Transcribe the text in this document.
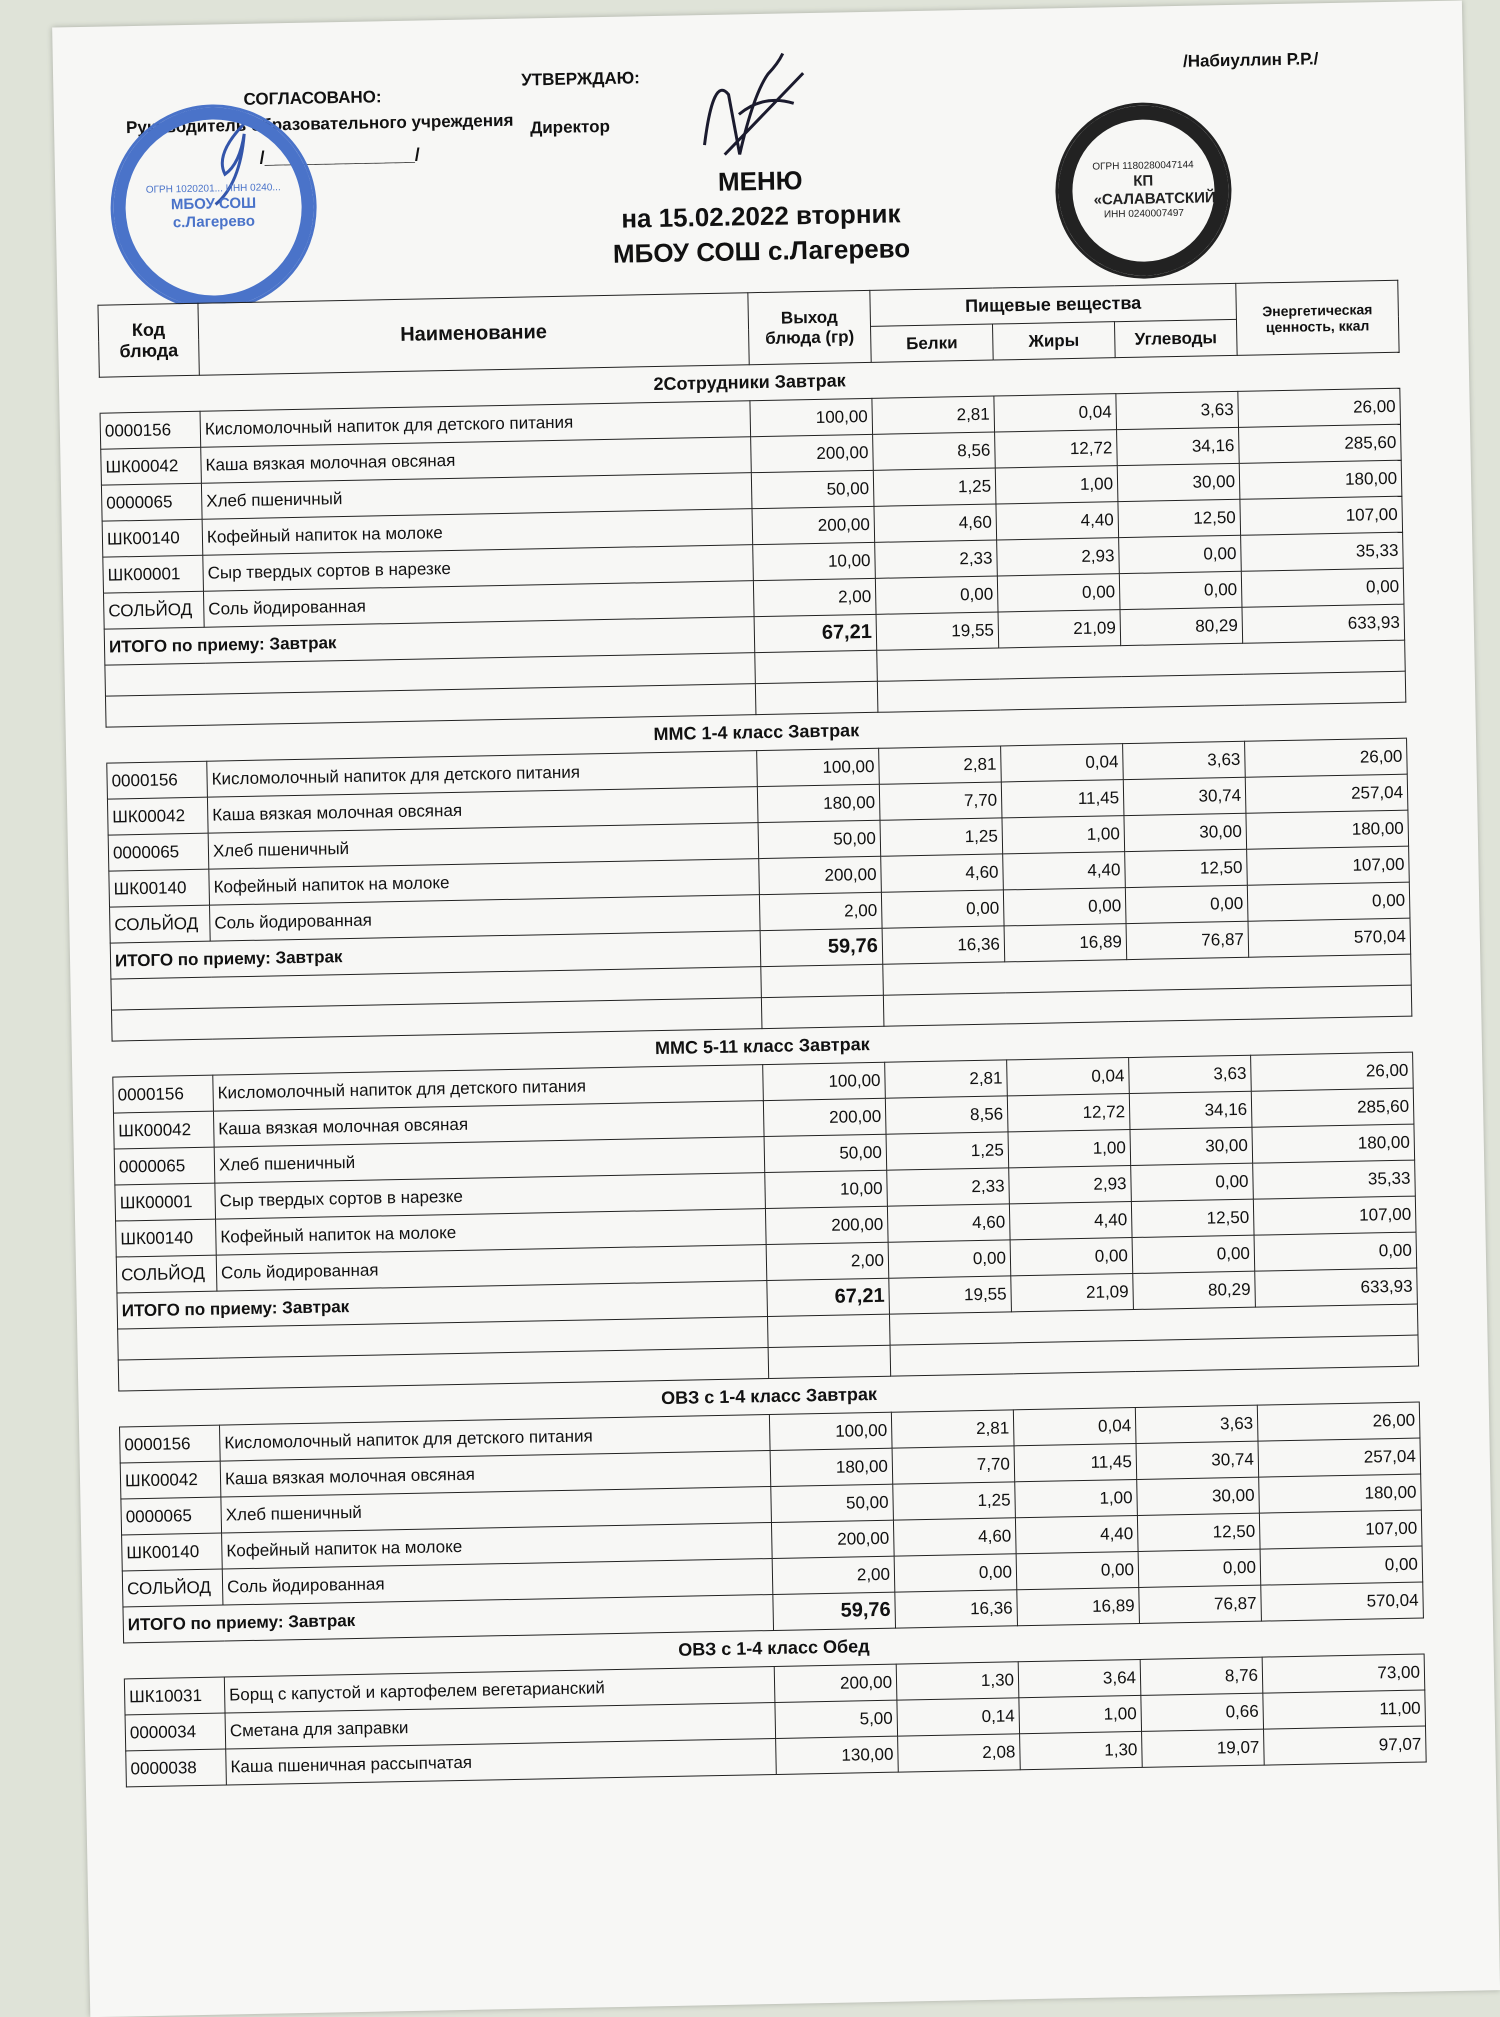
СОГЛАСОВАНО:
Руководитель образовательного учреждения
/_______________/
УТВЕРЖДАЮ:
Директор
/Набиуллин Р.Р./
ОГРН 1020201... ИНН 0240...
МБОУ СОШ с.Лагерево
ОГРН 1180280047144
КП «САЛАВАТСКИЙ»
ИНН 0240007497
МЕНЮ
на 15.02.2022 вторник
МБОУ СОШ с.Лагерево
Код блюда	Наименование	Выход блюда (гр)	Пищевые вещества			Энергетическая ценность, ккал
			Белки	Жиры	Углеводы	
2Сотрудники Завтрак						
0000156	Кисломолочный напиток для детского питания	100,00	2,81	0,04	3,63	26,00
ШК00042	Каша вязкая молочная овсяная	200,00	8,56	12,72	34,16	285,60
0000065	Хлеб пшеничный	50,00	1,25	1,00	30,00	180,00
ШК00140	Кофейный напиток на молоке	200,00	4,60	4,40	12,50	107,00
ШК00001	Сыр твердых сортов в нарезке	10,00	2,33	2,93	0,00	35,33
СОЛЬЙОД	Соль йодированная	2,00	0,00	0,00	0,00	0,00
ИТОГО по приему: Завтрак		67,21	19,55	21,09	80,29	633,93

ММС 1-4 класс Завтрак						
0000156	Кисломолочный напиток для детского питания	100,00	2,81	0,04	3,63	26,00
ШК00042	Каша вязкая молочная овсяная	180,00	7,70	11,45	30,74	257,04
0000065	Хлеб пшеничный	50,00	1,25	1,00	30,00	180,00
ШК00140	Кофейный напиток на молоке	200,00	4,60	4,40	12,50	107,00
СОЛЬЙОД	Соль йодированная	2,00	0,00	0,00	0,00	0,00
ИТОГО по приему: Завтрак		59,76	16,36	16,89	76,87	570,04

ММС 5-11 класс Завтрак						
0000156	Кисломолочный напиток для детского питания	100,00	2,81	0,04	3,63	26,00
ШК00042	Каша вязкая молочная овсяная	200,00	8,56	12,72	34,16	285,60
0000065	Хлеб пшеничный	50,00	1,25	1,00	30,00	180,00
ШК00001	Сыр твердых сортов в нарезке	10,00	2,33	2,93	0,00	35,33
ШК00140	Кофейный напиток на молоке	200,00	4,60	4,40	12,50	107,00
СОЛЬЙОД	Соль йодированная	2,00	0,00	0,00	0,00	0,00
ИТОГО по приему: Завтрак		67,21	19,55	21,09	80,29	633,93

ОВЗ с 1-4 класс Завтрак						
0000156	Кисломолочный напиток для детского питания	100,00	2,81	0,04	3,63	26,00
ШК00042	Каша вязкая молочная овсяная	180,00	7,70	11,45	30,74	257,04
0000065	Хлеб пшеничный	50,00	1,25	1,00	30,00	180,00
ШК00140	Кофейный напиток на молоке	200,00	4,60	4,40	12,50	107,00
СОЛЬЙОД	Соль йодированная	2,00	0,00	0,00	0,00	0,00
ИТОГО по приему: Завтрак		59,76	16,36	16,89	76,87	570,04
ОВЗ с 1-4 класс Обед						
ШК10031	Борщ с капустой и картофелем вегетарианский	200,00	1,30	3,64	8,76	73,00
0000034	Сметана для заправки	5,00	0,14	1,00	0,66	11,00
0000038	Каша пшеничная рассыпчатая	130,00	2,08	1,30	19,07	97,07
